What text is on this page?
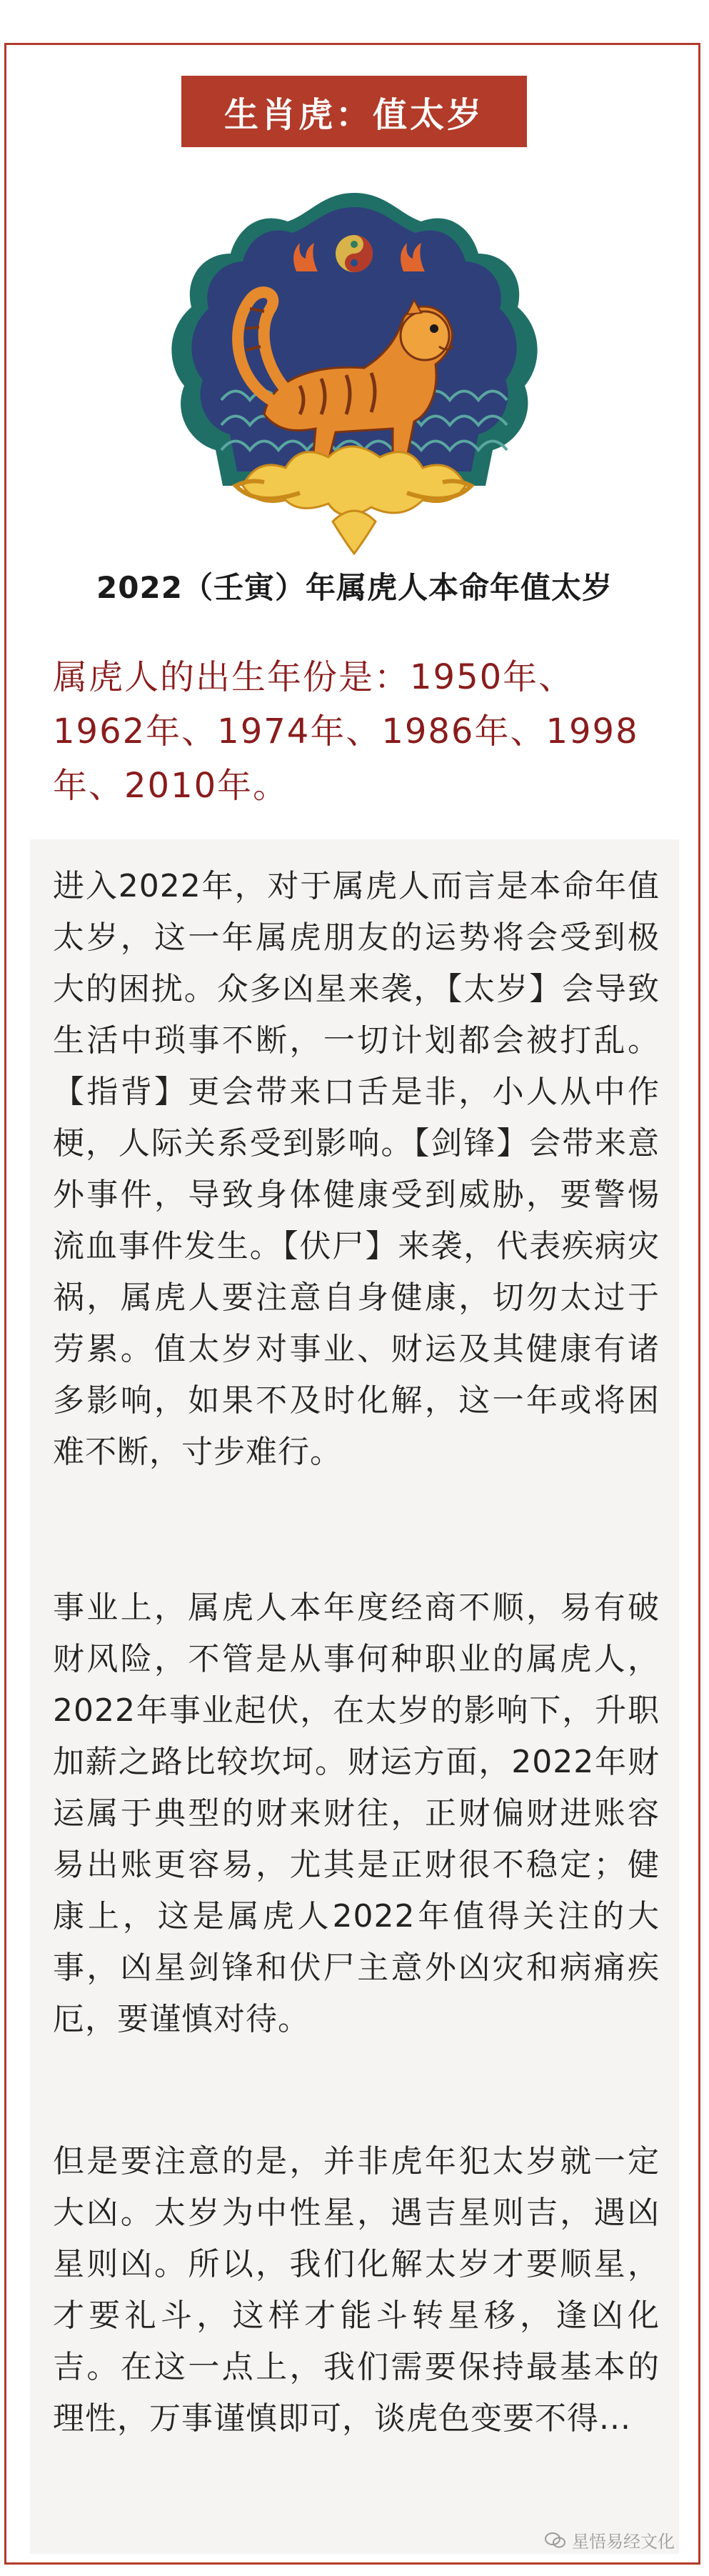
生肖虎：值太岁
2022（壬寅）年属虎人本命年值太岁
属虎人的出生年份是：1950年、1962年、1974年、1986年、1998年、2010年。
进入2022年，对于属虎人而言是本命年值太岁，这一年属虎朋友的运势将会受到极大的困扰。众多凶星来袭，【太岁】会导致生活中琐事不断，一切计划都会被打乱。【指背】更会带来口舌是非，小人从中作梗，人际关系受到影响。【剑锋】会带来意外事件，导致身体健康受到威胁，要警惕流血事件发生。【伏尸】来袭，代表疾病灾祸，属虎人要注意自身健康，切勿太过于劳累。值太岁对事业、财运及其健康有诸多影响，如果不及时化解，这一年或将困难不断，寸步难行。
事业上，属虎人本年度经商不顺，易有破财风险，不管是从事何种职业的属虎人，2022年事业起伏，在太岁的影响下，升职加薪之路比较坎坷。财运方面，2022年财运属于典型的财来财往，正财偏财进账容易出账更容易，尤其是正财很不稳定；健康上，这是属虎人2022年值得关注的大事，凶星剑锋和伏尸主意外凶灾和病痛疾厄，要谨慎对待。
但是要注意的是，并非虎年犯太岁就一定大凶。太岁为中性星，遇吉星则吉，遇凶星则凶。所以，我们化解太岁才要顺星，才要礼斗，这样才能斗转星移，逢凶化吉。在这一点上，我们需要保持最基本的理性，万事谨慎即可，谈虎色变要不得...
星悟易经文化
